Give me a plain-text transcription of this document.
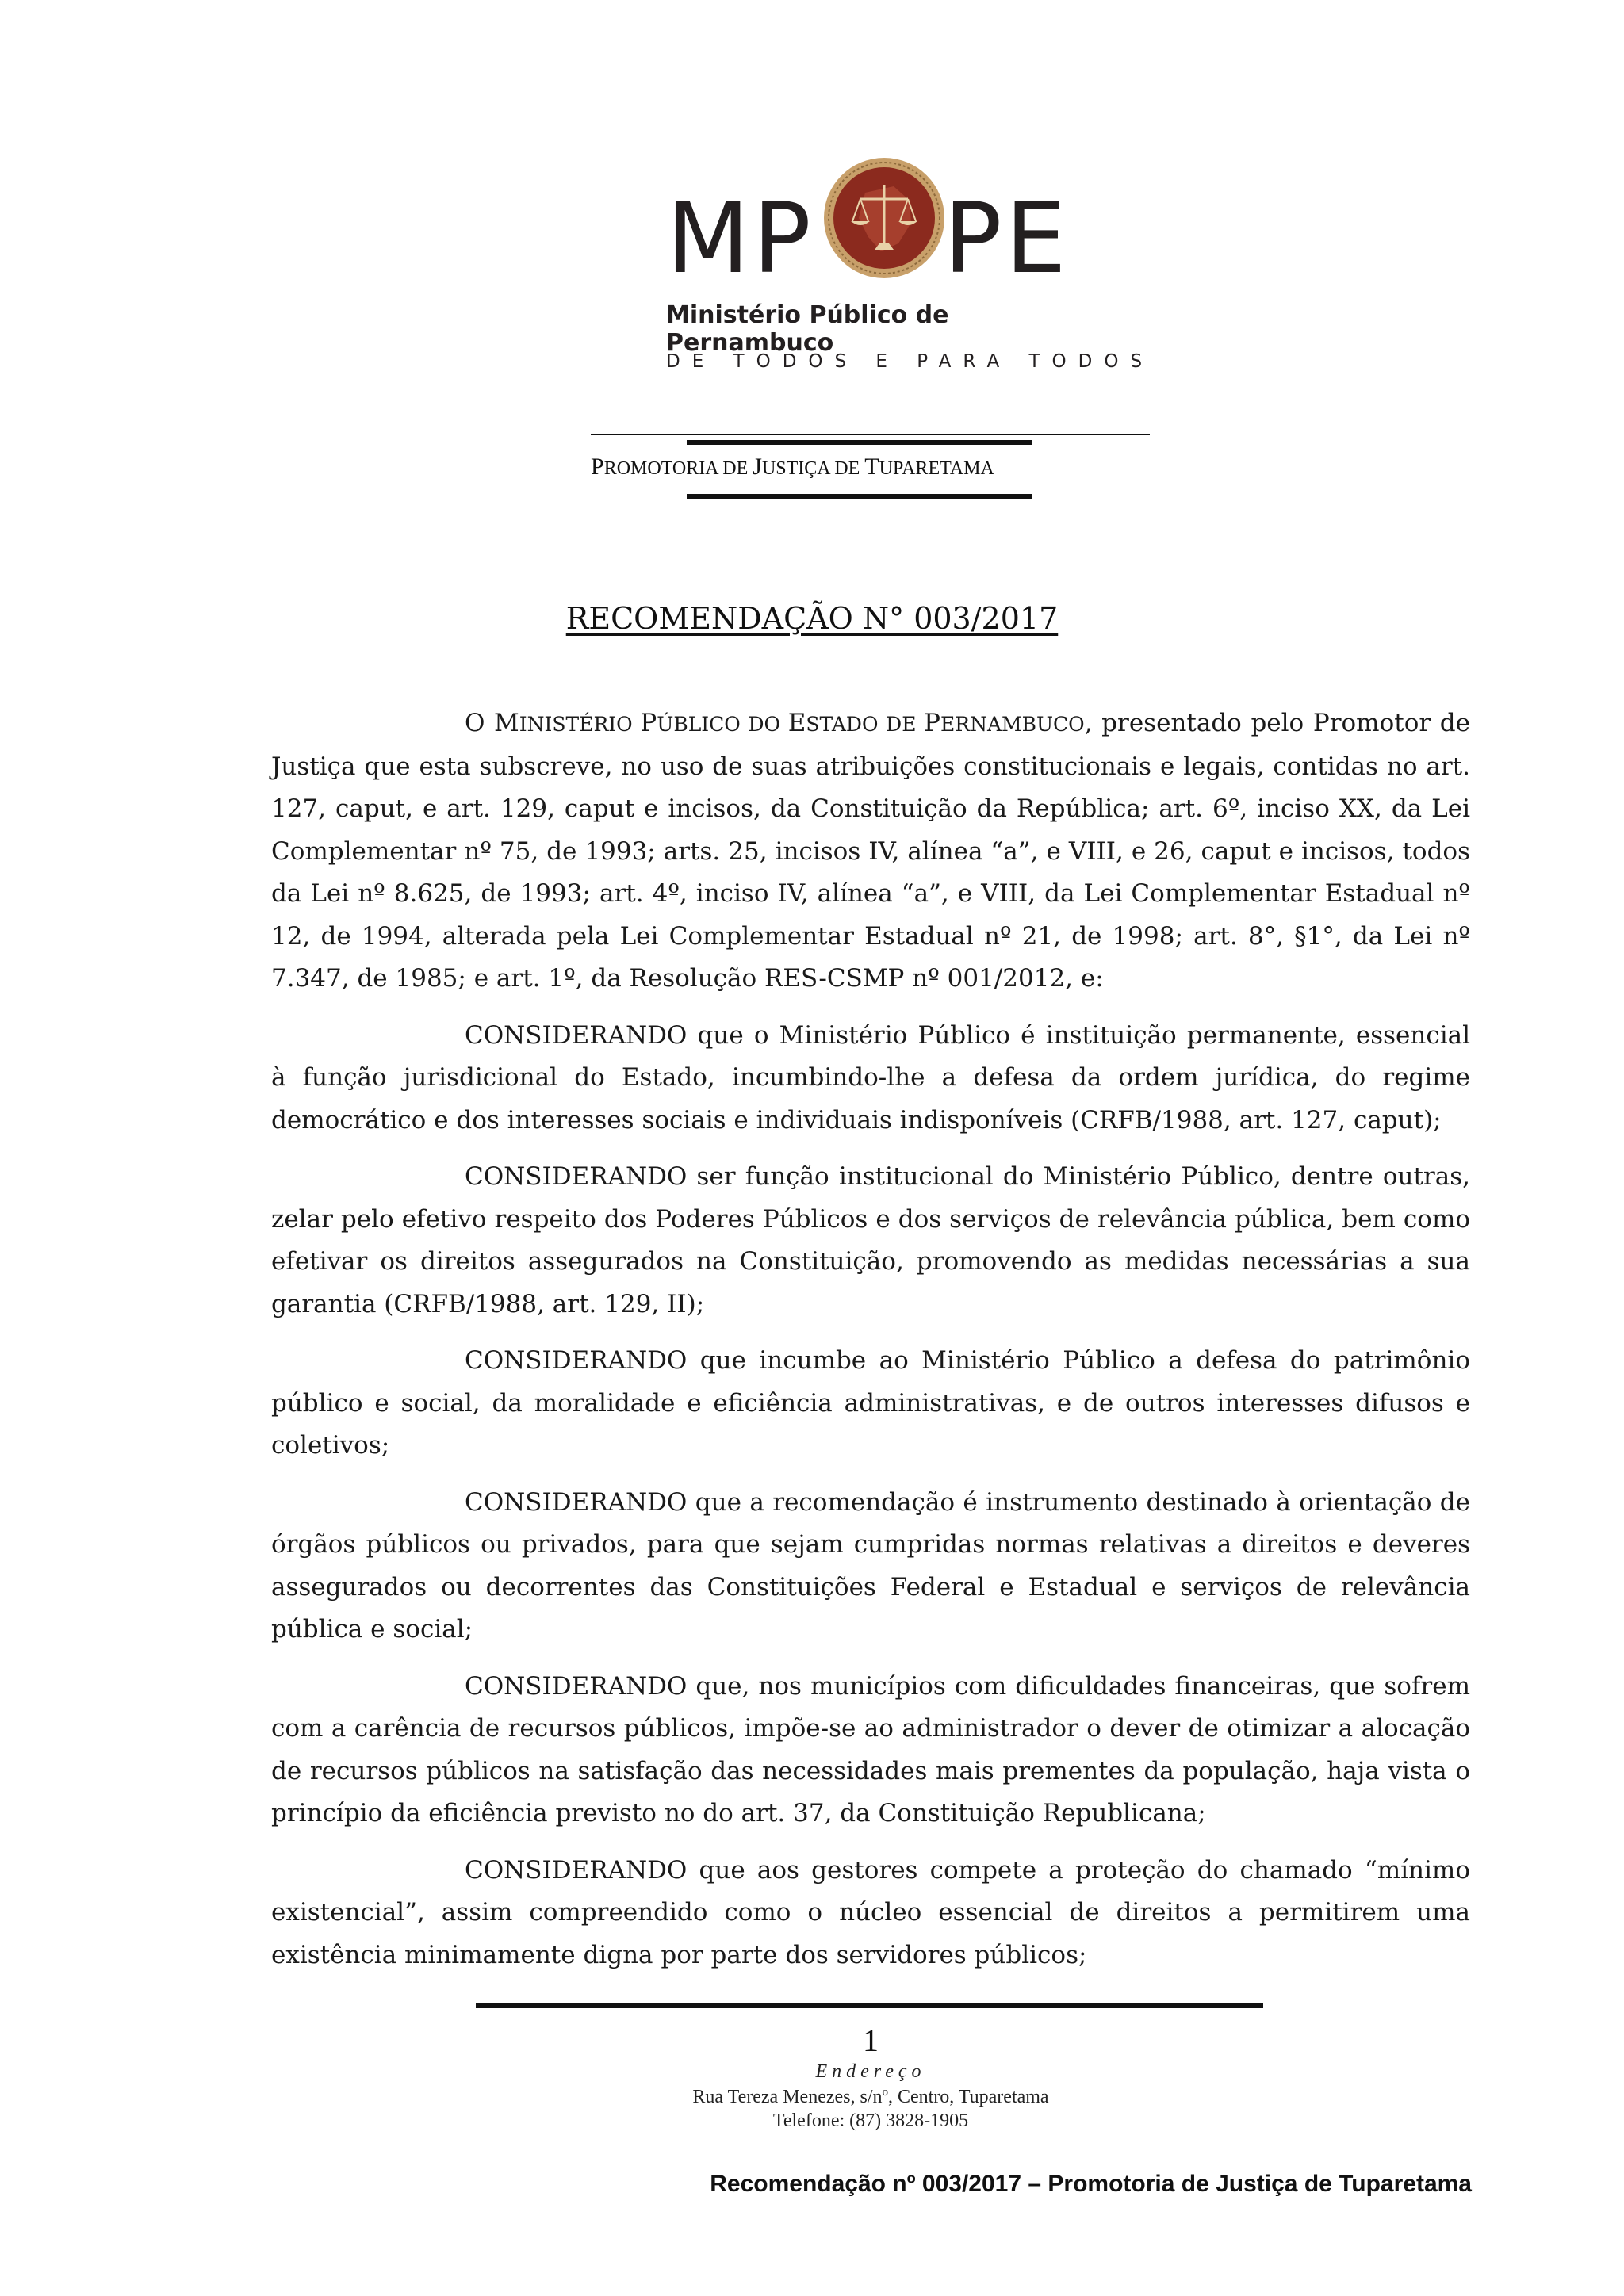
MP PE
Ministério Público de Pernambuco
DE TODOS E PARA TODOS
PROMOTORIA DE JUSTIÇA DE TUPARETAMA
RECOMENDAÇÃO N° 003/2017

O MINISTÉRIO PÚBLICO DO ESTADO DE PERNAMBUCO, presentado pelo Promotor de Justiça que esta subscreve, no uso de suas atribuições constitucionais e legais, contidas no art. 127, caput, e art. 129, caput e incisos, da Constituição da República; art. 6º, inciso XX, da Lei Complementar nº 75, de 1993; arts. 25, incisos IV, alínea “a”, e VIII, e 26, caput e incisos, todos da Lei nº 8.625, de 1993; art. 4º, inciso IV, alínea “a”, e VIII, da Lei Complementar Estadual nº 12, de 1994, alterada pela Lei Complementar Estadual nº 21, de 1998; art. 8°, §1°, da Lei nº 7.347, de 1985; e art. 1º, da Resolução RES-CSMP nº 001/2012, e:

CONSIDERANDO que o Ministério Público é instituição permanente, essencial à função jurisdicional do Estado, incumbindo-lhe a defesa da ordem jurídica, do regime democrático e dos interesses sociais e individuais indisponíveis (CRFB/1988, art. 127, caput);

CONSIDERANDO ser função institucional do Ministério Público, dentre outras, zelar pelo efetivo respeito dos Poderes Públicos e dos serviços de relevância pública, bem como efetivar os direitos assegurados na Constituição, promovendo as medidas necessárias a sua garantia (CRFB/1988, art. 129, II);

CONSIDERANDO que incumbe ao Ministério Público a defesa do patrimônio público e social, da moralidade e eficiência administrativas, e de outros interesses difusos e coletivos;

CONSIDERANDO que a recomendação é instrumento destinado à orientação de órgãos públicos ou privados, para que sejam cumpridas normas relativas a direitos e deveres assegurados ou decorrentes das Constituições Federal e Estadual e serviços de relevância pública e social;

CONSIDERANDO que, nos municípios com dificuldades financeiras, que sofrem com a carência de recursos públicos, impõe-se ao administrador o dever de otimizar a alocação de recursos públicos na satisfação das necessidades mais prementes da população, haja vista o princípio da eficiência previsto no do art. 37, da Constituição Republicana;

CONSIDERANDO que aos gestores compete a proteção do chamado “mínimo existencial”, assim compreendido como o núcleo essencial de direitos a permitirem uma existência minimamente digna por parte dos servidores públicos;

1
Endereço
Rua Tereza Menezes, s/nº, Centro, Tuparetama
Telefone: (87) 3828-1905
Recomendação nº 003/2017 – Promotoria de Justiça de Tuparetama
